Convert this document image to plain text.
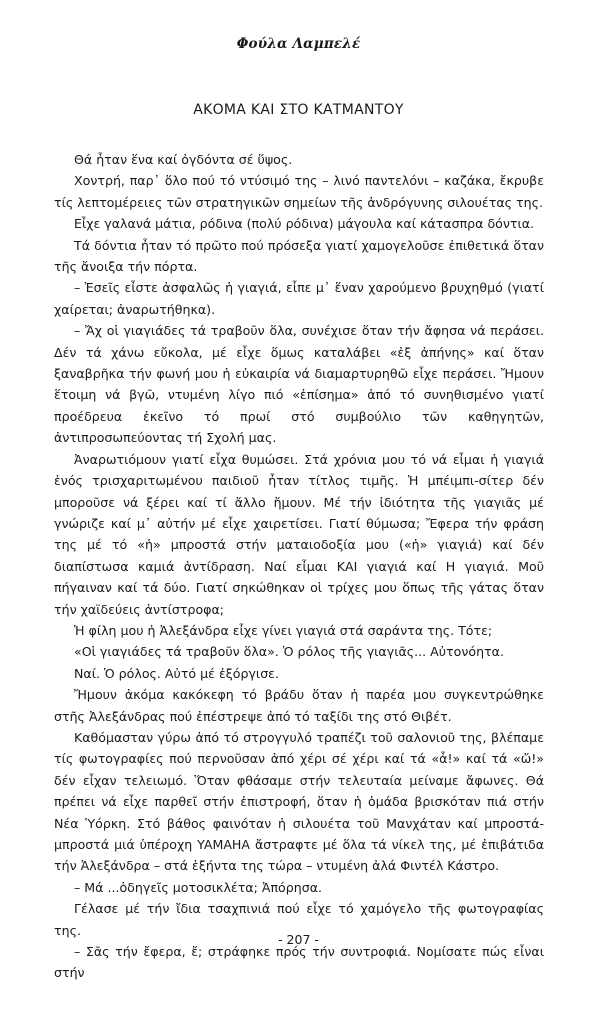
Φούλα Λαμπελέ
ΑΚΟΜΑ ΚΑΙ ΣΤΟ ΚΑΤΜΑΝΤΟΥ

Θά ἦταν ἕνα καί ὀγδόντα σέ ὕψος.

Χοντρή, παρ᾽ ὅλο πού τό ντύσιμό της – λινό παντελόνι – καζάκα, ἔκρυβε τίς λεπτομέρειες τῶν στρατηγικῶν σημείων τῆς ἀνδρόγυνης σιλουέτας της.

Εἶχε γαλανά μάτια, ρόδινα (πολύ ρόδινα) μάγουλα καί κάτασπρα δόντια.

Τά δόντια ἦταν τό πρῶτο πού πρόσεξα γιατί χαμογελοῦσε ἐπιθετικά ὅταν τῆς ἄνοιξα τήν πόρτα.

– Ἐσεῖς εἶστε ἀσφαλῶς ἡ γιαγιά, εἶπε μ᾽ ἕναν χαρούμενο βρυχηθμό (γιατί χαίρεται; ἀναρωτήθηκα).

– Ἄχ οἱ γιαγιάδες τά τραβοῦν ὅλα, συνέχισε ὅταν τήν ἄφησα νά περάσει. Δέν τά χάνω εὔκολα, μέ εἶχε ὅμως καταλάβει «ἐξ ἀπήνης» καί ὅταν ξαναβρῆκα τήν φωνή μου ἡ εὐκαιρία νά διαμαρτυρηθῶ εἶχε περάσει. Ἤμουν ἕτοιμη νά βγῶ, ντυμένη λίγο πιό «ἐπίσημα» ἀπό τό συνηθισμένο γιατί προέδρευα ἐκεῖνο τό πρωί στό συμβούλιο τῶν καθηγητῶν, ἀντιπροσωπεύοντας τή Σχολή μας.

Ἀναρωτιόμουν γιατί εἶχα θυμώσει. Στά χρόνια μου τό νά εἶμαι ἡ γιαγιά ἑνός τρισχαριτωμένου παιδιοῦ ἦταν τίτλος τιμῆς. Ἡ μπέιμπι-σίτερ δέν μποροῦσε νά ξέρει καί τί ἄλλο ἤμουν. Μέ τήν ἰδιότητα τῆς γιαγιᾶς μέ γνώριζε καί μ᾽ αὐτήν μέ εἶχε χαιρετίσει. Γιατί θύμωσα; Ἔφερα τήν φράση της μέ τό «ἡ» μπροστά στήν ματαιοδοξία μου («ἡ» γιαγιά) καί δέν διαπίστωσα καμιά ἀντίδραση. Ναί εἶμαι ΚΑΙ γιαγιά καί Η γιαγιά. Μοῦ πήγαιναν καί τά δύο. Γιατί σηκώθηκαν οἱ τρίχες μου ὅπως τῆς γάτας ὅταν τήν χαϊδεύεις ἀντίστροφα;

Ἡ φίλη μου ἡ Ἀλεξάνδρα εἶχε γίνει γιαγιά στά σαράντα της. Τότε;

«Οἱ γιαγιάδες τά τραβοῦν ὅλα». Ὁ ρόλος τῆς γιαγιᾶς... Αὐτονόητα.

Ναί. Ὁ ρόλος. Αὐτό μέ ἐξόργισε.

Ἤμουν ἀκόμα κακόκεφη τό βράδυ ὅταν ἡ παρέα μου συγκεντρώθηκε στῆς Ἀλεξάνδρας πού ἐπέστρεψε ἀπό τό ταξίδι της στό Θιβέτ.

Καθόμασταν γύρω ἀπό τό στρογγυλό τραπέζι τοῦ σαλονιοῦ της, βλέπαμε τίς φωτογραφίες πού περνοῦσαν ἀπό χέρι σέ χέρι καί τά «ἆ!» καί τά «ὤ!» δέν εἶχαν τελειωμό. Ὅταν φθάσαμε στήν τελευταία μείναμε ἄφωνες. Θά πρέπει νά εἶχε παρθεῖ στήν ἐπιστροφή, ὅταν ἡ ὁμάδα βρισκόταν πιά στήν Νέα Ὑόρκη. Στό βάθος φαινόταν ἡ σιλουέτα τοῦ Μανχάταν καί μπροστά-μπροστά μιά ὑπέροχη YAMAHA ἄστραφτε μέ ὅλα τά νίκελ της, μέ ἐπιβάτιδα τήν Ἀλεξάνδρα – στά ἑξήντα της τώρα – ντυμένη ἀλά Φιντέλ Κάστρο.

– Μά ...ὁδηγεῖς μοτοσικλέτα; Ἀπόρησα.

Γέλασε μέ τήν ἴδια τσαχπινιά πού εἶχε τό χαμόγελο τῆς φωτογραφίας της.

– Σᾶς τήν ἔφερα, ἔ; στράφηκε πρός τήν συντροφιά. Νομίσατε πώς εἶναι στήν

- 207 -
